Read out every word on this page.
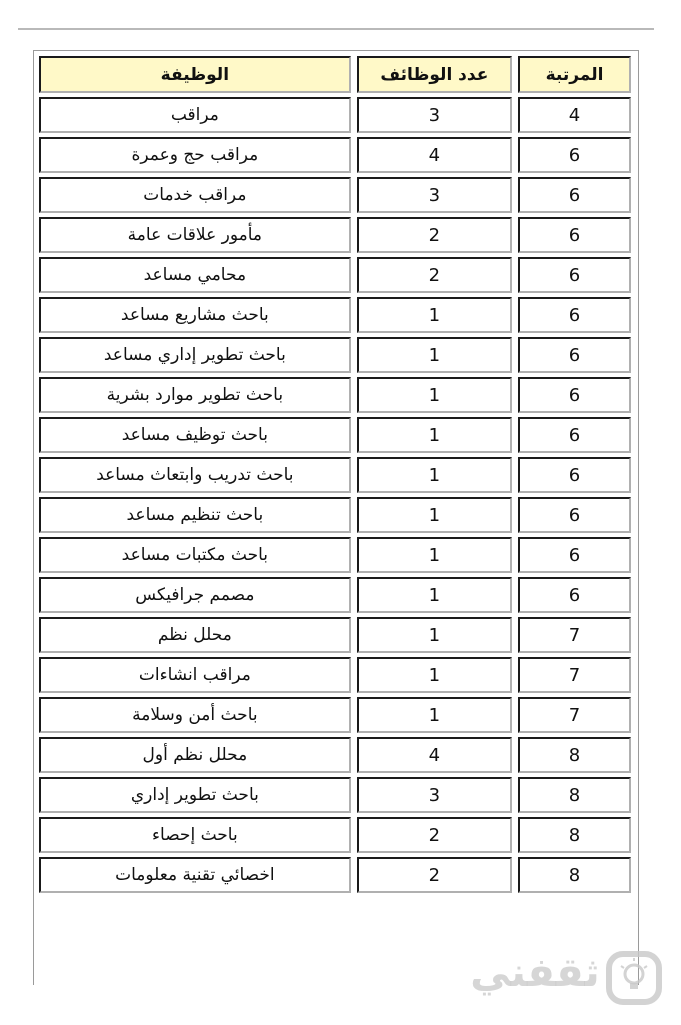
المرتبة	عدد الوظائف	الوظيفة
4	3	مراقب
6	4	مراقب حج وعمرة
6	3	مراقب خدمات
6	2	مأمور علاقات عامة
6	2	محامي مساعد
6	1	باحث مشاريع مساعد
6	1	باحث تطوير إداري مساعد
6	1	باحث تطوير موارد بشرية
6	1	باحث توظيف مساعد
6	1	باحث تدريب وابتعاث مساعد
6	1	باحث تنظيم مساعد
6	1	باحث مكتبات مساعد
6	1	مصمم جرافيكس
7	1	محلل نظم
7	1	مراقب انشاءات
7	1	باحث أمن وسلامة
8	4	محلل نظم أول
8	3	باحث تطوير إداري
8	2	باحث إحصاء
8	2	اخصائي تقنية معلومات
ثقفني
